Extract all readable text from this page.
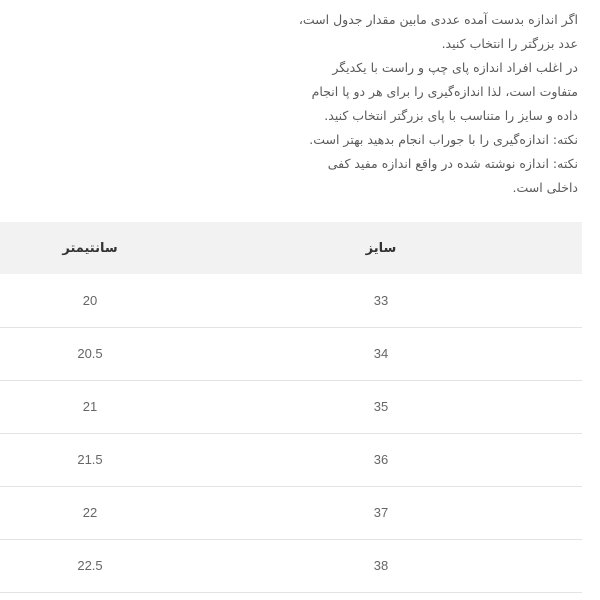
اگر اندازه بدست آمده عددی مابین مقدار جدول است،
عدد بزرگتر را انتخاب کنید.
در اغلب افراد اندازه پای چپ و راست با یکدیگر
متفاوت است، لذا اندازه‌گیری را برای هر دو پا انجام
داده و سایز را متناسب با پای بزرگتر انتخاب کنید.
نکته: اندازه‌گیری را با جوراب انجام بدهید بهتر است.
نکته: اندازه نوشته شده در واقع اندازه مفید کفی
داخلی است.
سانتیمتر	سایز
20	33
20.5	34
21	35
21.5	36
22	37
22.5	38
